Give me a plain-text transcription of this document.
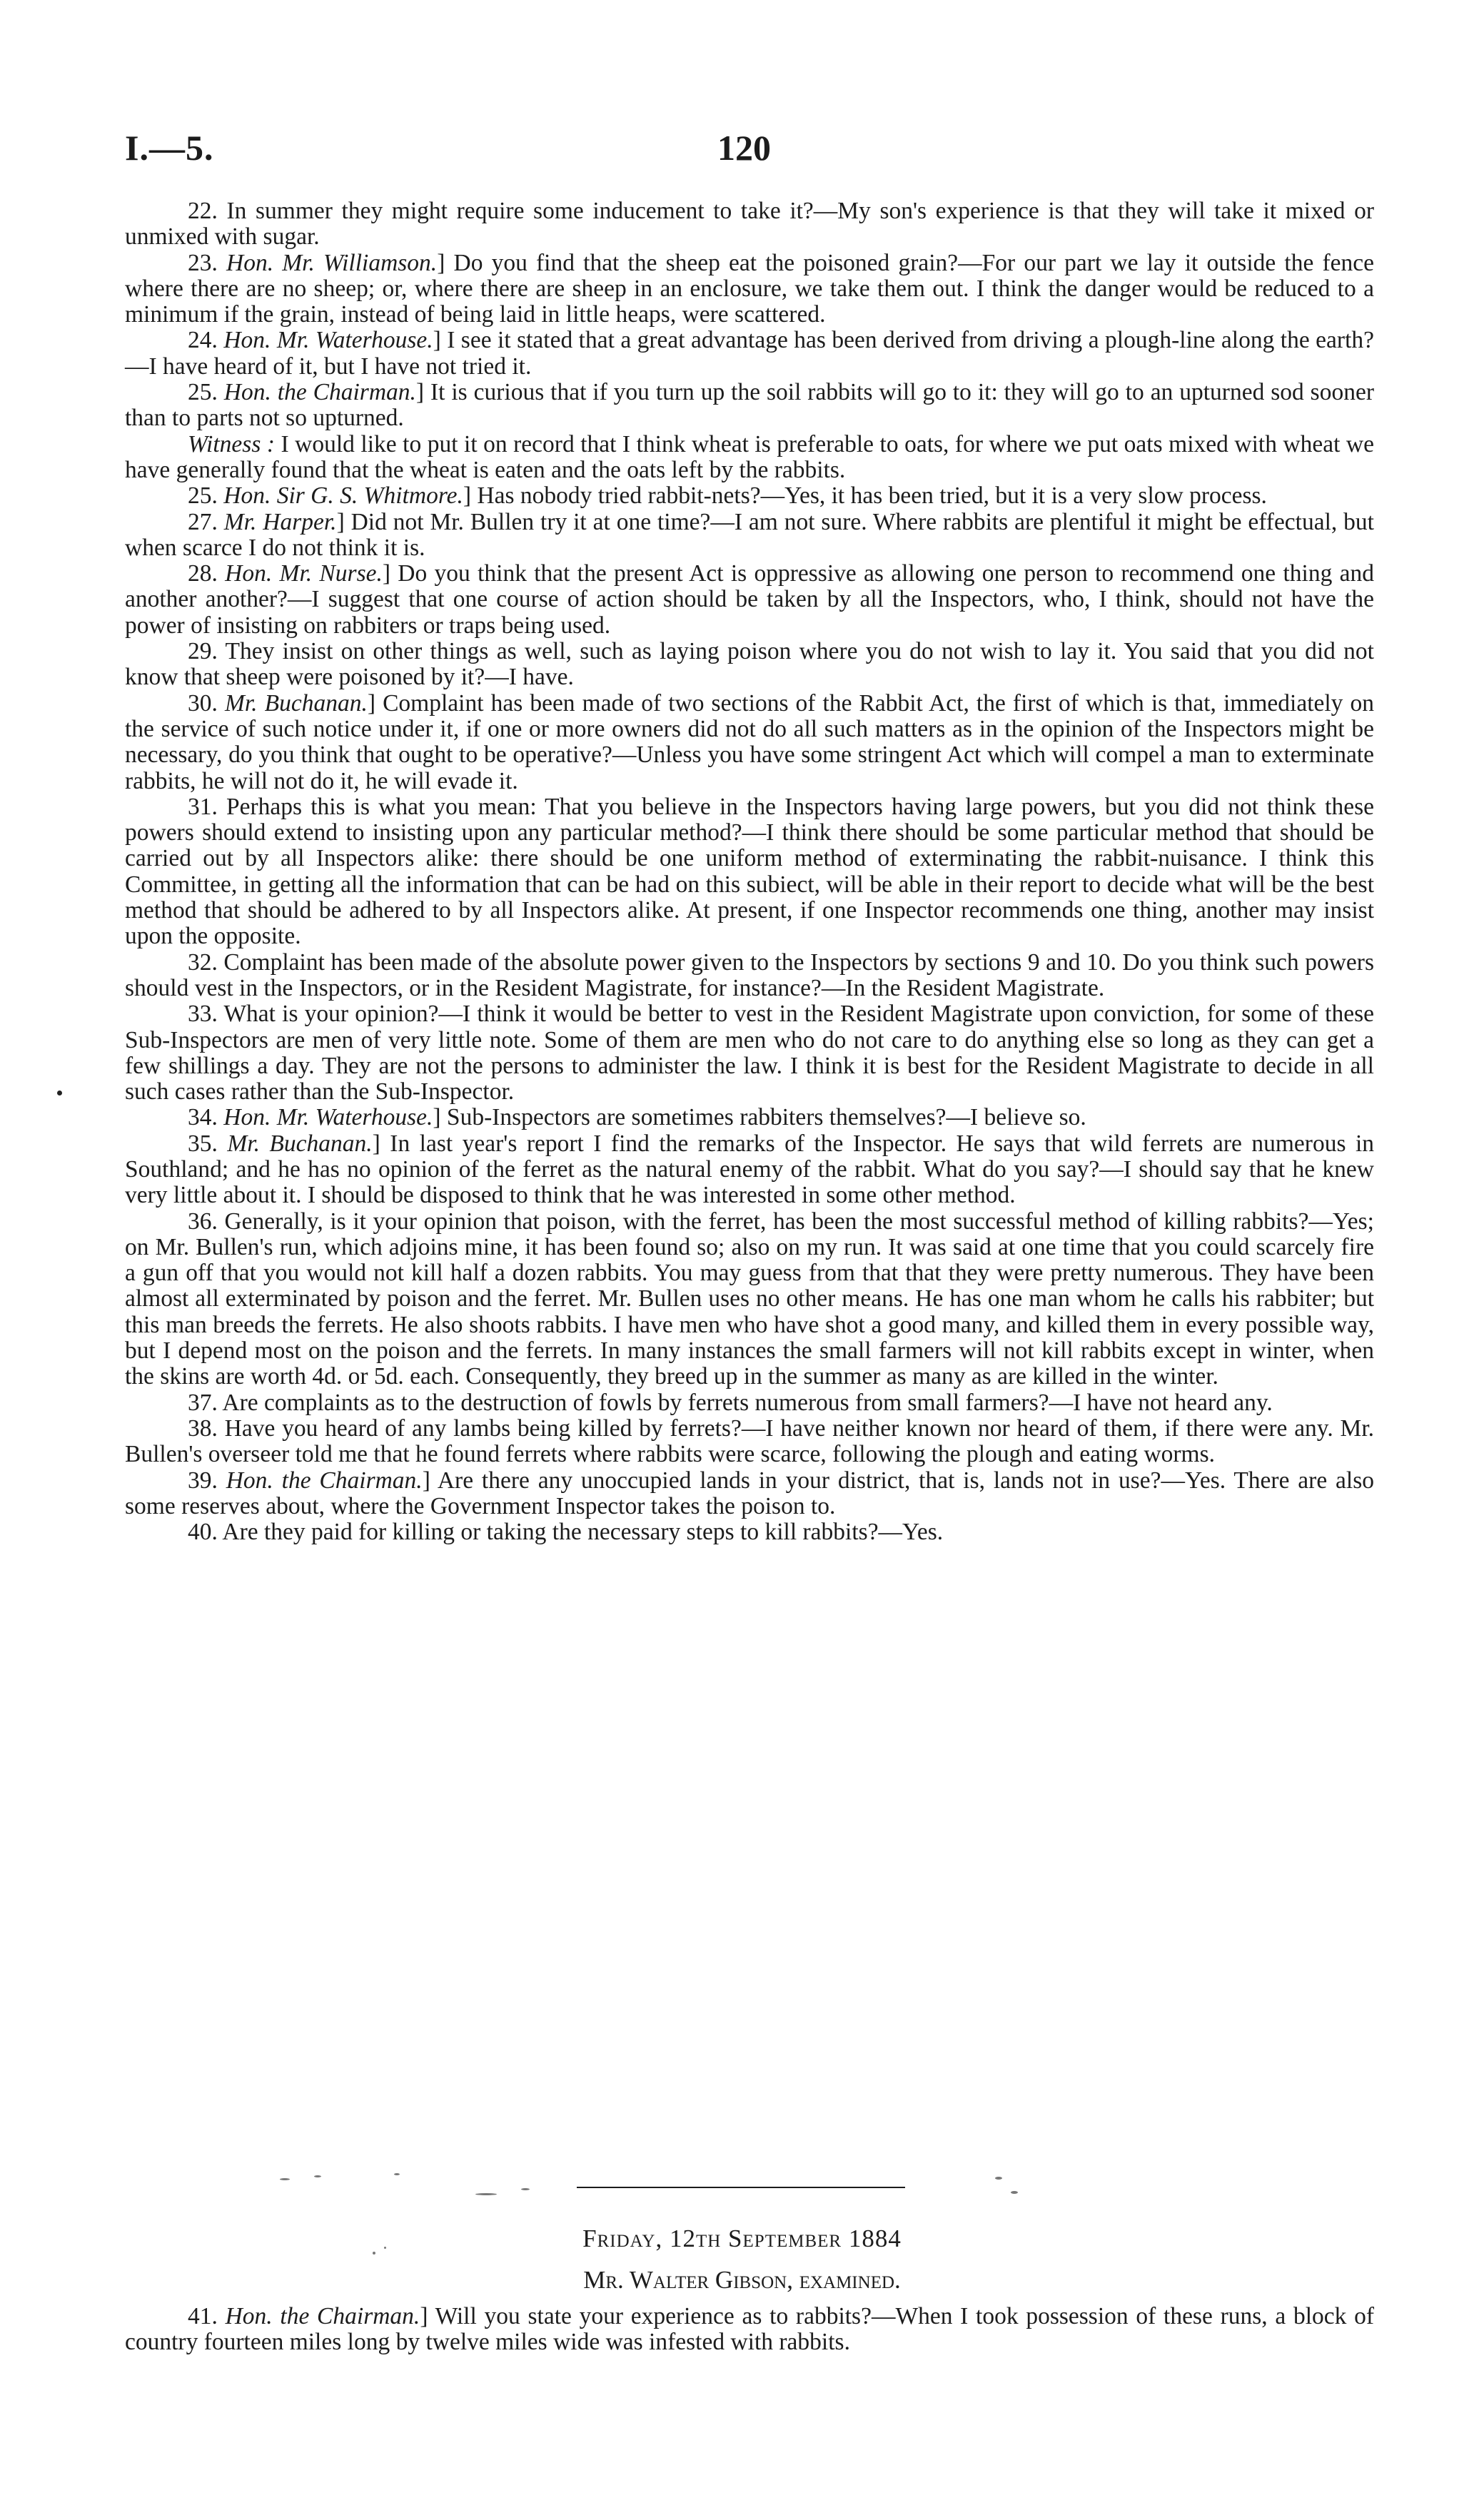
I.—5.	120

22. In summer they might require some inducement to take it?—My son's experience is that they will take it mixed or unmixed with sugar.

23. Hon. Mr. Williamson.] Do you find that the sheep eat the poisoned grain?—For our part we lay it outside the fence where there are no sheep; or, where there are sheep in an enclosure, we take them out. I think the danger would be reduced to a minimum if the grain, instead of being laid in little heaps, were scattered.

24. Hon. Mr. Waterhouse.] I see it stated that a great advantage has been derived from driving a plough-line along the earth?—I have heard of it, but I have not tried it.

25. Hon. the Chairman.] It is curious that if you turn up the soil rabbits will go to it: they will go to an upturned sod sooner than to parts not so upturned.

Witness : I would like to put it on record that I think wheat is preferable to oats, for where we put oats mixed with wheat we have generally found that the wheat is eaten and the oats left by the rabbits.

25. Hon. Sir G. S. Whitmore.] Has nobody tried rabbit-nets?—Yes, it has been tried, but it is a very slow process.

27. Mr. Harper.] Did not Mr. Bullen try it at one time?—I am not sure. Where rabbits are plentiful it might be effectual, but when scarce I do not think it is.

28. Hon. Mr. Nurse.] Do you think that the present Act is oppressive as allowing one person to recommend one thing and another another?—I suggest that one course of action should be taken by all the Inspectors, who, I think, should not have the power of insisting on rabbiters or traps being used.

29. They insist on other things as well, such as laying poison where you do not wish to lay it. You said that you did not know that sheep were poisoned by it?—I have.

30. Mr. Buchanan.] Complaint has been made of two sections of the Rabbit Act, the first of which is that, immediately on the service of such notice under it, if one or more owners did not do all such matters as in the opinion of the Inspectors might be necessary, do you think that ought to be operative?—Unless you have some stringent Act which will compel a man to exterminate rabbits, he will not do it, he will evade it.

31. Perhaps this is what you mean: That you believe in the Inspectors having large powers, but you did not think these powers should extend to insisting upon any particular method?—I think there should be some particular method that should be carried out by all Inspectors alike: there should be one uniform method of exterminating the rabbit-nuisance. I think this Committee, in getting all the information that can be had on this subiect, will be able in their report to decide what will be the best method that should be adhered to by all Inspectors alike. At present, if one Inspector recommends one thing, another may insist upon the opposite.

32. Complaint has been made of the absolute power given to the Inspectors by sections 9 and 10. Do you think such powers should vest in the Inspectors, or in the Resident Magistrate, for instance?—In the Resident Magistrate.

33. What is your opinion?—I think it would be better to vest in the Resident Magistrate upon conviction, for some of these Sub-Inspectors are men of very little note. Some of them are men who do not care to do anything else so long as they can get a few shillings a day. They are not the persons to administer the law. I think it is best for the Resident Magistrate to decide in all such cases rather than the Sub-Inspector.

34. Hon. Mr. Waterhouse.] Sub-Inspectors are sometimes rabbiters themselves?—I believe so.

35. Mr. Buchanan.] In last year's report I find the remarks of the Inspector. He says that wild ferrets are numerous in Southland; and he has no opinion of the ferret as the natural enemy of the rabbit. What do you say?—I should say that he knew very little about it. I should be disposed to think that he was interested in some other method.

36. Generally, is it your opinion that poison, with the ferret, has been the most successful method of killing rabbits?—Yes; on Mr. Bullen's run, which adjoins mine, it has been found so; also on my run. It was said at one time that you could scarcely fire a gun off that you would not kill half a dozen rabbits. You may guess from that that they were pretty numerous. They have been almost all exterminated by poison and the ferret. Mr. Bullen uses no other means. He has one man whom he calls his rabbiter; but this man breeds the ferrets. He also shoots rabbits. I have men who have shot a good many, and killed them in every possible way, but I depend most on the poison and the ferrets. In many instances the small farmers will not kill rabbits except in winter, when the skins are worth 4d. or 5d. each. Consequently, they breed up in the summer as many as are killed in the winter.

37. Are complaints as to the destruction of fowls by ferrets numerous from small farmers?—I have not heard any.

38. Have you heard of any lambs being killed by ferrets?—I have neither known nor heard of them, if there were any. Mr. Bullen's overseer told me that he found ferrets where rabbits were scarce, following the plough and eating worms.

39. Hon. the Chairman.] Are there any unoccupied lands in your district, that is, lands not in use?—Yes. There are also some reserves about, where the Government Inspector takes the poison to.

40. Are they paid for killing or taking the necessary steps to kill rabbits?—Yes.

Friday, 12th September 1884
Mr. Walter Gibson, examined.

41. Hon. the Chairman.] Will you state your experience as to rabbits?—When I took possession of these runs, a block of country fourteen miles long by twelve miles wide was infested with rabbits.
